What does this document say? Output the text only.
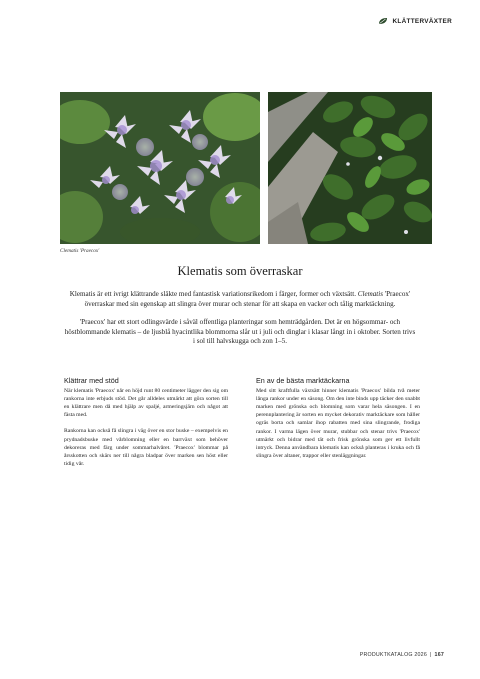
KLÄTTERVÄXTER
Clematis 'Praecox'
Klematis som överraskar

Klematis är ett ivrigt klättrande släkte med fantastisk variationsrikedom i färger, former och växtsätt. Clematis 'Praecox' överraskar med sin egenskap att slingra över murar och stenar för att skapa en vacker och tålig marktäckning.

'Praecox' har ett stort odlingsvärde i såväl offentliga planteringar som hemträdgården. Det är en högsommar- och höstblommande klematis – de ljusblå hyacintlika blommorna slår ut i juli och dinglar i klasar långt in i oktober. Sorten trivs i sol till halvskugga och zon 1–5.

Klättrar med stöd

När klematis 'Praecox' når en höjd runt 80 centimeter lägger den sig om rankorna inte erbjuds stöd. Det går alldeles utmärkt att göra sorten till en klättrare men då med hjälp av spaljé, armeringsjärn och något att fästa med.

Rankorna kan också få slingra i väg över en stor buske – exempelvis en prydnadsbuske med vårblomning eller en barrväxt som behöver dekoreras med färg under sommarhalvåret. 'Praecox' blommar på årsskotten och skärs ner till några bladpar över marken sen höst eller tidig vår.

En av de bästa marktäckarna

Med sitt kraftfulla växtsätt hinner klematis 'Praecox' bilda två meter långa rankor under en säsong. Om den inte binds upp täcker den snabbt marken med grönska och blomning som varar hela säsongen. I en perennplantering är sorten en mycket dekorativ marktäckare som håller ogräs borta och samlar ihop rabatten med sina slingrande, frodiga rankor. I varma lägen över murar, stubbar och stenar trivs 'Praecox' utmärkt och bidrar med tät och frisk grönska som ger ett livfullt intryck. Denna användbara klematis kan också planteras i kruka och få slingra över altaner, trappor eller stenläggningar.

PRODUKTKATALOG 2026 | 167
